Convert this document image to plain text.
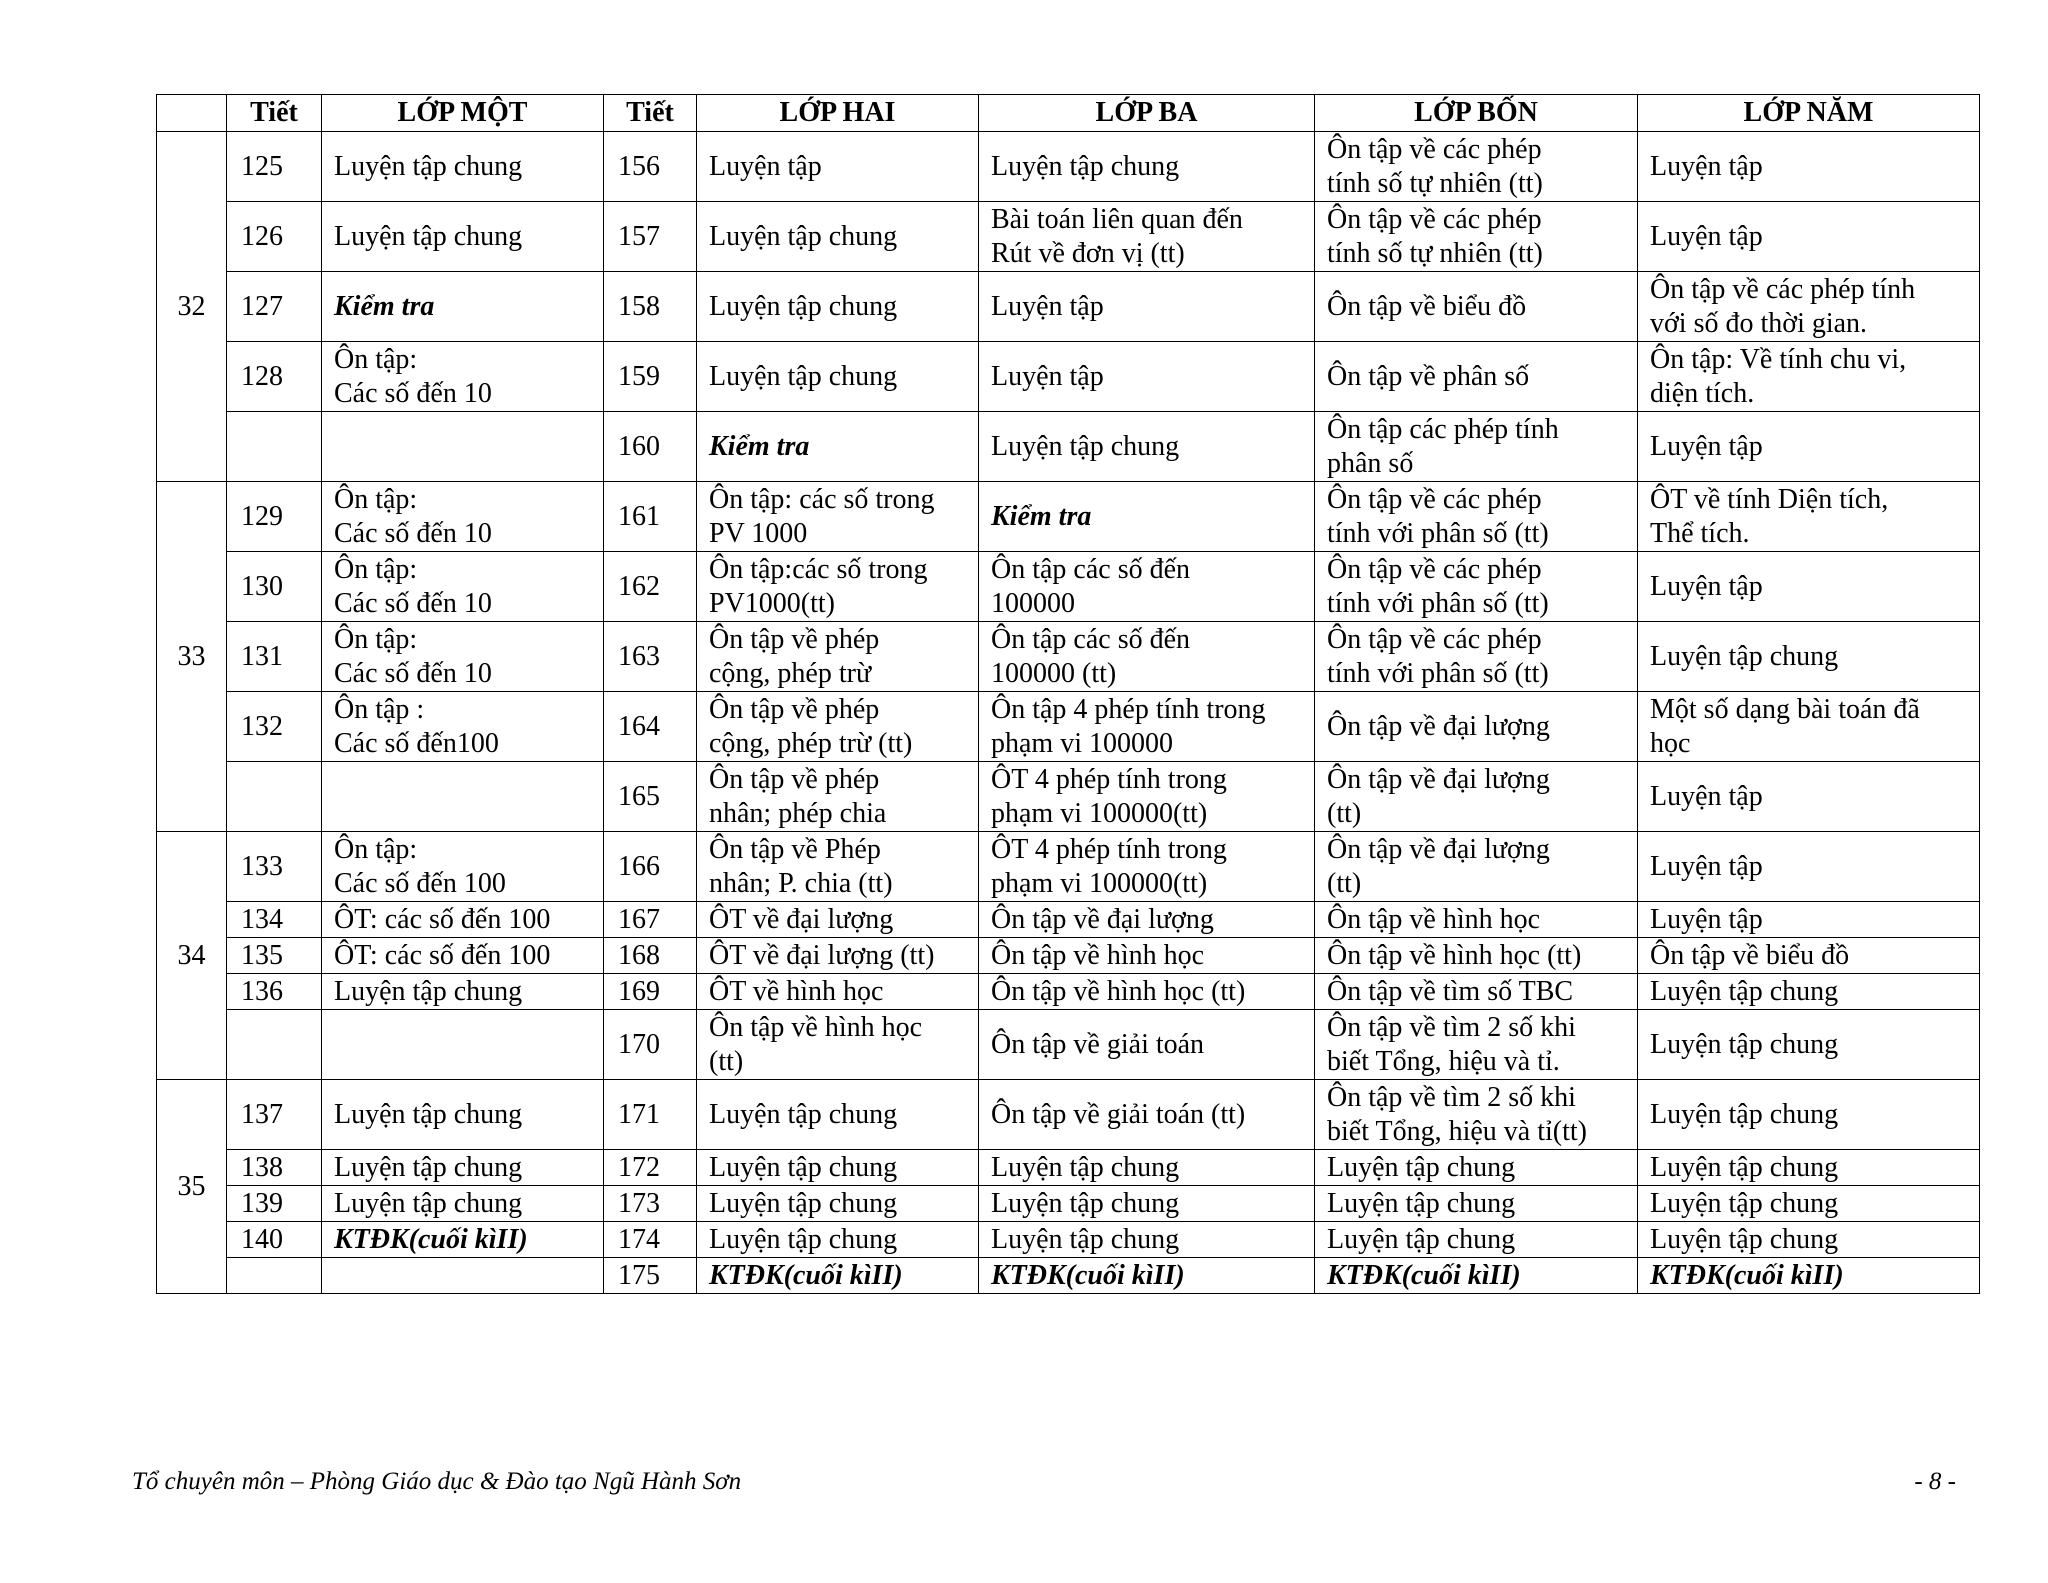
	Tiết	LỚP MỘT	Tiết	LỚP HAI	LỚP BA	LỚP BỐN	LỚP NĂM
32	125	Luyện tập chung	156	Luyện tập	Luyện tập chung	Ôn tập về các phép
tính số tự nhiên (tt)	Luyện tập
	126	Luyện tập chung	157	Luyện tập chung	Bài toán liên quan đến
Rút về đơn vị (tt)	Ôn tập về các phép
tính số tự nhiên (tt)	Luyện tập
	127	Kiểm tra	158	Luyện tập chung	Luyện tập	Ôn tập về biểu đồ	Ôn tập về các phép tính
với số đo thời gian.
	128	Ôn tập:
Các số đến 10	159	Luyện tập chung	Luyện tập	Ôn tập về phân số	Ôn tập: Về tính chu vi,
diện tích.
			160	Kiểm tra	Luyện tập chung	Ôn tập các phép tính
phân số	Luyện tập
33	129	Ôn tập:
Các số đến 10	161	Ôn tập: các số trong
PV 1000	Kiểm tra	Ôn tập về các phép
tính với phân số (tt)	ÔT về tính Diện tích,
Thể tích.
	130	Ôn tập:
Các số đến 10	162	Ôn tập:các số trong
PV1000(tt)	Ôn tập các số đến
100000	Ôn tập về các phép
tính với phân số (tt)	Luyện tập
	131	Ôn tập:
Các số đến 10	163	Ôn tập về phép
cộng, phép trừ	Ôn tập các số đến
100000 (tt)	Ôn tập về các phép
tính với phân số (tt)	Luyện tập chung
	132	Ôn tập :
Các số đến100	164	Ôn tập về phép
cộng, phép trừ (tt)	Ôn tập 4 phép tính trong
phạm vi 100000	Ôn tập về đại lượng	Một số dạng bài toán đã
học
			165	Ôn tập về phép
nhân; phép chia	ÔT 4 phép tính trong
phạm vi 100000(tt)	Ôn tập về đại lượng
(tt)	Luyện tập
34	133	Ôn tập:
Các số đến 100	166	Ôn tập về Phép
nhân; P. chia (tt)	ÔT 4 phép tính trong
phạm vi 100000(tt)	Ôn tập về đại lượng
(tt)	Luyện tập
	134	ÔT: các số đến 100	167	ÔT về đại lượng	Ôn tập về đại lượng	Ôn tập về hình học	Luyện tập
	135	ÔT: các số đến 100	168	ÔT về đại lượng (tt)	Ôn tập về hình học	Ôn tập về hình học (tt)	Ôn tập về biểu đồ
	136	Luyện tập chung	169	ÔT về hình học	Ôn tập về hình học (tt)	Ôn tập về tìm số TBC	Luyện tập chung
			170	Ôn tập về hình học
(tt)	Ôn tập về giải toán	Ôn tập về tìm 2 số khi
biết Tổng, hiệu và tỉ.	Luyện tập chung
35	137	Luyện tập chung	171	Luyện tập chung	Ôn tập về giải toán (tt)	Ôn tập về tìm 2 số khi
biết Tổng, hiệu và tỉ(tt)	Luyện tập chung
	138	Luyện tập chung	172	Luyện tập chung	Luyện tập chung	Luyện tập chung	Luyện tập chung
	139	Luyện tập chung	173	Luyện tập chung	Luyện tập chung	Luyện tập chung	Luyện tập chung
	140	KTĐK(cuối kìII)	174	Luyện tập chung	Luyện tập chung	Luyện tập chung	Luyện tập chung
			175	KTĐK(cuối kìII)	KTĐK(cuối kìII)	KTĐK(cuối kìII)	KTĐK(cuối kìII)
Tổ chuyên môn – Phòng Giáo dục & Đào tạo Ngũ Hành Sơn	- 8 -
